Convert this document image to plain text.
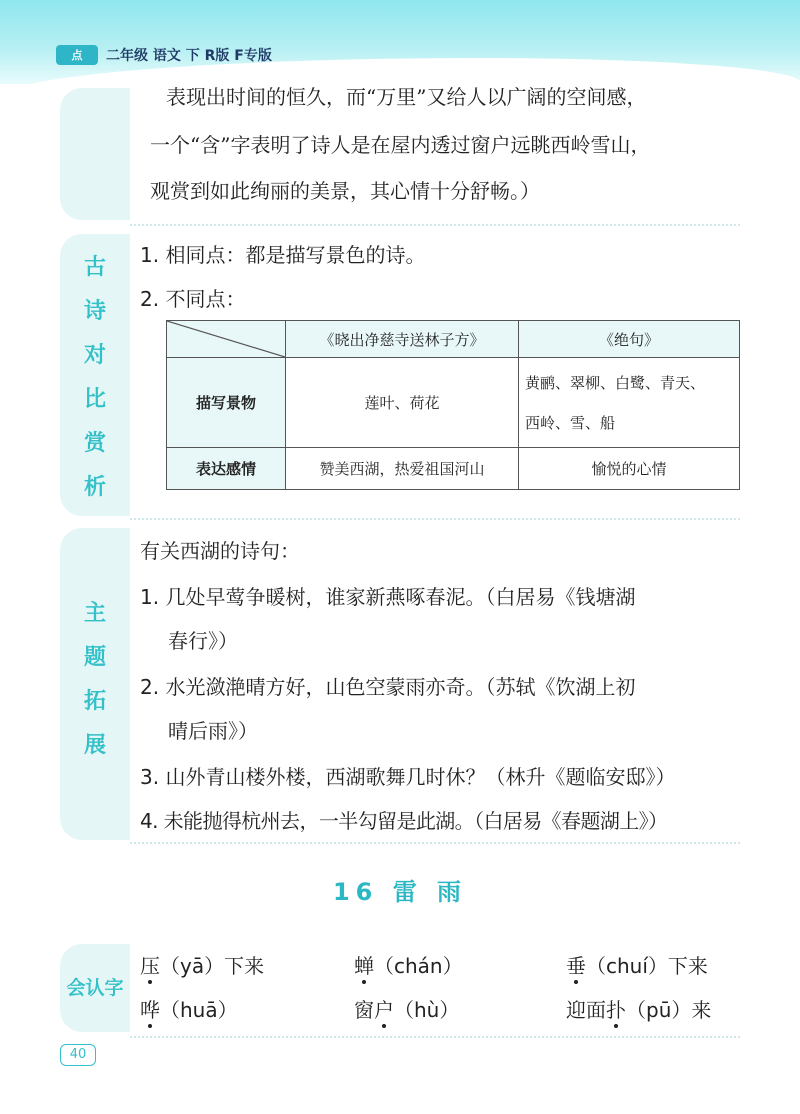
点	二年级 语文 下 R版 F专版
表现出时间的恒久，而“万里”又给人以广阔的空间感，
一个“含”字表明了诗人是在屋内透过窗户远眺西岭雪山，
观赏到如此绚丽的美景，其心情十分舒畅。）
古
诗
对
比
赏
析
1. 相同点：都是描写景色的诗。
2. 不同点：
	《晓出净慈寺送林子方》	《绝句》
描写景物	莲叶、荷花	黄鹂、翠柳、白鹭、青天、
西岭、雪、船

表达感情	赞美西湖，热爱祖国河山	愉悦的心情
主
题
拓
展
有关西湖的诗句：
1. 几处早莺争暖树，谁家新燕啄春泥。（白居易《钱塘湖
春行》）
2. 水光潋滟晴方好，山色空蒙雨亦奇。（苏轼《饮湖上初
晴后雨》）
3. 山外青山楼外楼，西湖歌舞几时休？（林升《题临安邸》）
4. 未能抛得杭州去，一半勾留是此湖。（白居易《春题湖上》）
16 雷 雨
会认字
压（yā）下来	蝉（chán）	垂（chuí）下来
哗（huā）	窗户（hù）	迎面扑（pū）来
40
